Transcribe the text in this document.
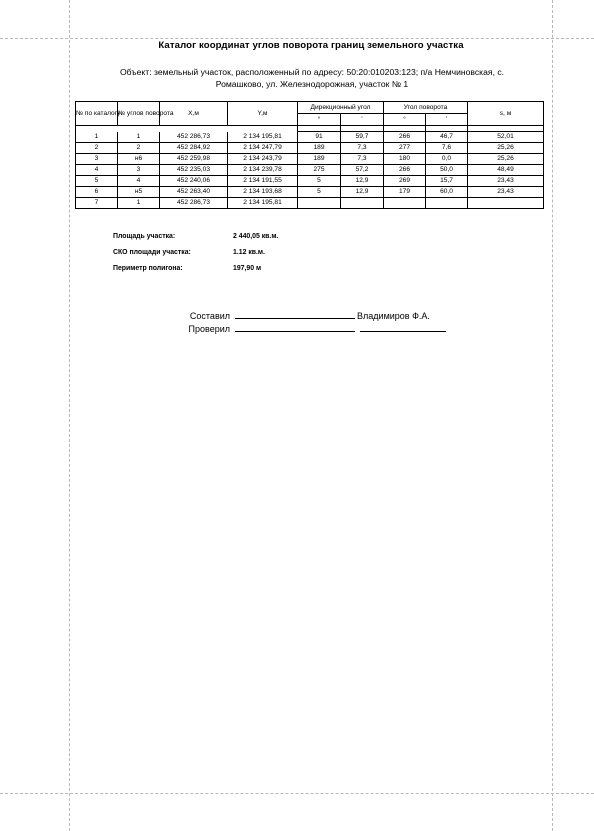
Каталог координат углов поворота границ земельного участка
Объект: земельный участок, расположенный по адресу: 50:20:010203:123; п/а Немчиновская, с.
Ромашково, ул. Железнодорожная, участок № 1
№ по каталогу	№ углов поворота	X,м	Y,м	Дирекционный угол		Угол поворота		s, м
				°	'	°	'	

1	1	452 286,73	2 134 195,81	91	59,7	266	46,7	52,01
2	2	452 284,92	2 134 247,79	189	7,3	277	7,6	25,26
3	н6	452 259,98	2 134 243,79	189	7,3	180	0,0	25,26
4	3	452 235,03	2 134 239,78	275	57,2	266	50,0	48,49
5	4	452 240,06	2 134 191,55	5	12,9	269	15,7	23,43
6	н5	452 263,40	2 134 193,68	5	12,9	179	60,0	23,43
7	1	452 286,73	2 134 195,81					
Площадь участка:	2 440,05 кв.м.
СКО площади участка:	1.12 кв.м.
Периметр полигона:	197,90 м
Составил	Владимиров Ф.А.
Проверил
